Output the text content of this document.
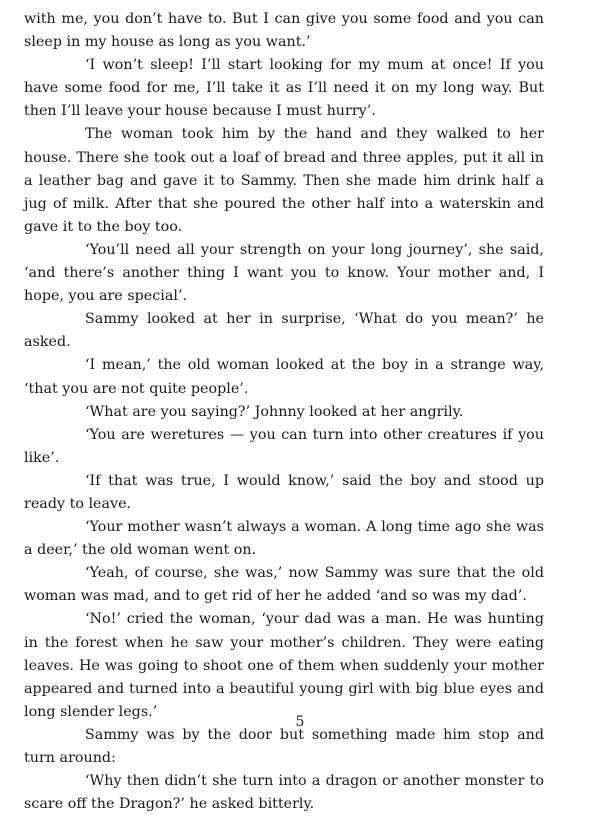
with me, you don’t have to. But I can give you some food and you can sleep in my house as long as you want.’

‘I won’t sleep! I’ll start looking for my mum at once! If you have some food for me, I’ll take it as I’ll need it on my long way. But then I’ll leave your house because I must hurry’.

The woman took him by the hand and they walked to her house. There she took out a loaf of bread and three apples, put it all in a leather bag and gave it to Sammy. Then she made him drink half a jug of milk. After that she poured the other half into a waterskin and gave it to the boy too.

‘You’ll need all your strength on your long journey’, she said, ‘and there’s another thing I want you to know. Your mother and, I hope, you are special’.

Sammy looked at her in surprise, ‘What do you mean?’ he asked.

‘I mean,’ the old woman looked at the boy in a strange way, ‘that you are not quite people’.

‘What are you saying?’ Johnny looked at her angrily.

‘You are weretures — you can turn into other creatures if you like’.

‘If that was true, I would know,’ said the boy and stood up ready to leave.

‘Your mother wasn’t always a woman. A long time ago she was a deer,’ the old woman went on.

‘Yeah, of course, she was,’ now Sammy was sure that the old woman was mad, and to get rid of her he added ‘and so was my dad’.

‘No!’ cried the woman, ‘your dad was a man. He was hunting in the forest when he saw your mother’s children. They were eating leaves. He was going to shoot one of them when suddenly your mother appeared and turned into a beautiful young girl with big blue eyes and long slender legs.’

Sammy was by the door but something made him stop and turn around:

‘Why then didn’t she turn into a dragon or another monster to scare off the Dragon?’ he asked bitterly.

5
